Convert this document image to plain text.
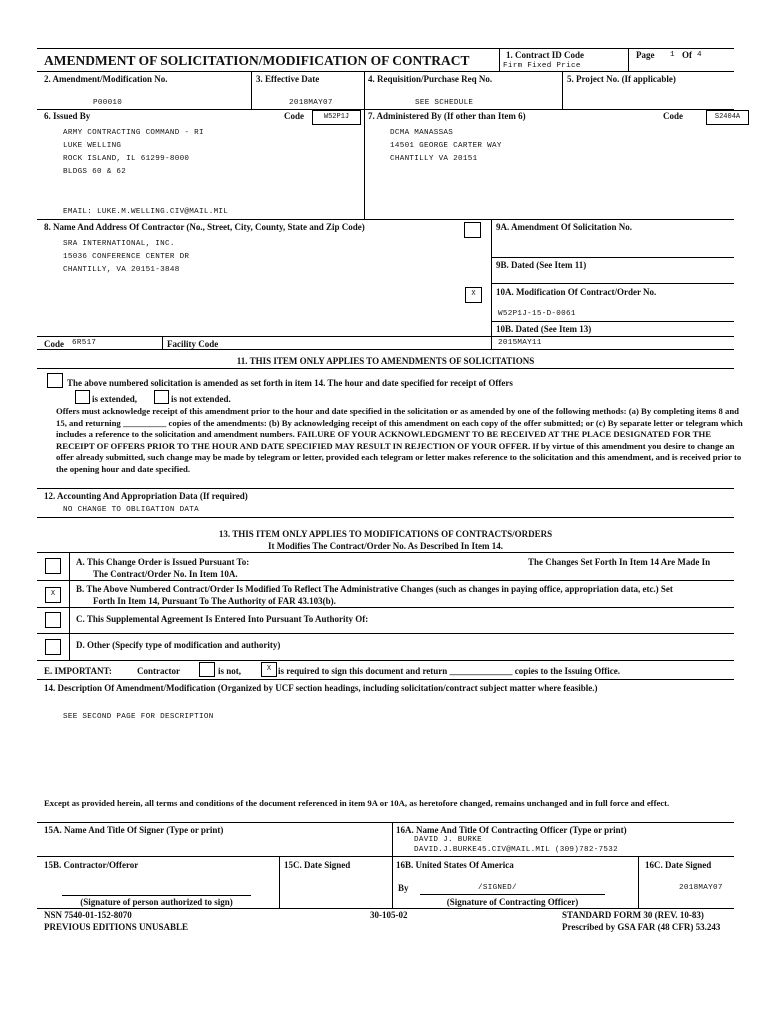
AMENDMENT OF SOLICITATION/MODIFICATION OF CONTRACT	1. Contract ID Code
Firm Fixed Price
Page 1 Of 4
2. Amendment/Modification No.
P00010
3. Effective Date
2018MAY07
4. Requisition/Purchase Req No.
SEE SCHEDULE
5. Project No. (If applicable)
6. Issued By	Code	W52P1J
ARMY CONTRACTING COMMAND - RI
LUKE WELLING
ROCK ISLAND, IL 61299-8000
BLDGS 60 & 62
EMAIL: LUKE.M.WELLING.CIV@MAIL.MIL
7. Administered By (If other than Item 6)	Code	S2404A
DCMA MANASSAS
14501 GEORGE CARTER WAY
CHANTILLY VA 20151
8. Name And Address Of Contractor (No., Street, City, County, State and Zip Code)
SRA INTERNATIONAL, INC.
15036 CONFERENCE CENTER DR
CHANTILLY, VA 20151-3848
9A. Amendment Of Solicitation No.
9B. Dated (See Item 11)
X	10A. Modification Of Contract/Order No.
W52P1J-15-D-0061
10B. Dated (See Item 13)
2015MAY11
Code 6R517	Facility Code
11. THIS ITEM ONLY APPLIES TO AMENDMENTS OF SOLICITATIONS
The above numbered solicitation is amended as set forth in item 14. The hour and date specified for receipt of Offers
is extended,	is not extended.
Offers must acknowledge receipt of this amendment prior to the hour and date specified in the solicitation or as amended by one of the following methods: (a) By completing items 8 and 15, and returning __________ copies of the amendments: (b) By acknowledging receipt of this amendment on each copy of the offer submitted; or (c) By separate letter or telegram which includes a reference to the solicitation and amendment numbers. FAILURE OF YOUR ACKNOWLEDGMENT TO BE RECEIVED AT THE PLACE DESIGNATED FOR THE RECEIPT OF OFFERS PRIOR TO THE HOUR AND DATE SPECIFIED MAY RESULT IN REJECTION OF YOUR OFFER. If by virtue of this amendment you desire to change an offer already submitted, such change may be made by telegram or letter, provided each telegram or letter makes reference to the solicitation and this amendment, and is received prior to the opening hour and date specified.
12. Accounting And Appropriation Data (If required)
NO CHANGE TO OBLIGATION DATA
13. THIS ITEM ONLY APPLIES TO MODIFICATIONS OF CONTRACTS/ORDERS
It Modifies The Contract/Order No. As Described In Item 14.
A. This Change Order is Issued Pursuant To:	The Changes Set Forth In Item 14 Are Made In
The Contract/Order No. In Item 10A.
X	B. The Above Numbered Contract/Order Is Modified To Reflect The Administrative Changes (such as changes in paying office, appropriation data, etc.) Set
Forth In Item 14, Pursuant To The Authority of FAR 43.103(b).
C. This Supplemental Agreement Is Entered Into Pursuant To Authority Of:
D. Other (Specify type of modification and authority)
E. IMPORTANT:	Contractor	is not,	X is required to sign this document and return ______________ copies to the Issuing Office.
14. Description Of Amendment/Modification (Organized by UCF section headings, including solicitation/contract subject matter where feasible.)
SEE SECOND PAGE FOR DESCRIPTION
Except as provided herein, all terms and conditions of the document referenced in item 9A or 10A, as heretofore changed, remains unchanged and in full force and effect.
15A. Name And Title Of Signer (Type or print)	16A. Name And Title Of Contracting Officer (Type or print)
DAVID J. BURKE
DAVID.J.BURKE45.CIV@MAIL.MIL (309)782-7532
15B. Contractor/Offeror	15C. Date Signed	16B. United States Of America	16C. Date Signed
(Signature of person authorized to sign)
By	/SIGNED/
(Signature of Contracting Officer)
2018MAY07
NSN 7540-01-152-8070
PREVIOUS EDITIONS UNUSABLE
30-105-02	STANDARD FORM 30 (REV. 10-83)
Prescribed by GSA FAR (48 CFR) 53.243
